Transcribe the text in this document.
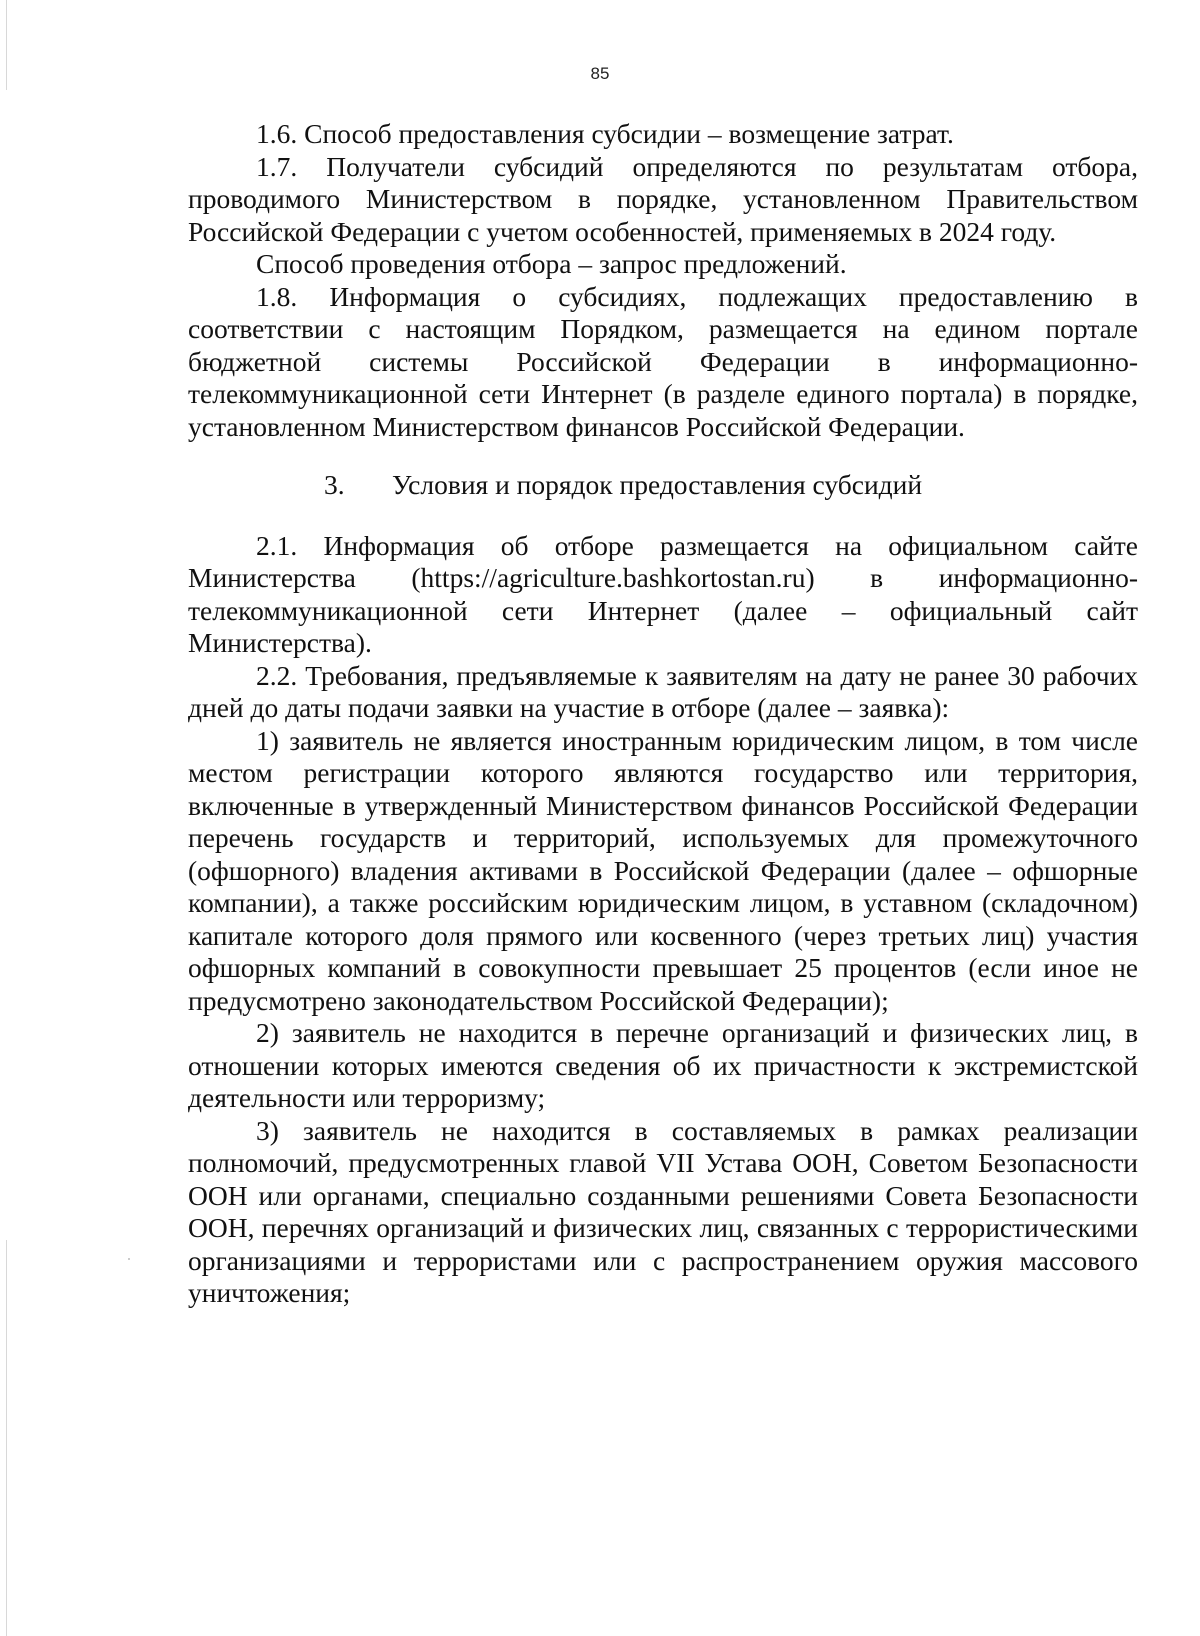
85

1.6. Способ предоставления субсидии – возмещение затрат.

1.7. Получатели субсидий определяются по результатам отбора, проводимого Министерством в порядке, установленном Правительством Российской Федерации с учетом особенностей, применяемых в 2024 году.

Способ проведения отбора – запрос предложений.

1.8. Информация о субсидиях, подлежащих предоставлению в соответствии с настоящим Порядком, размещается на едином портале бюджетной системы Российской Федерации в информационно-телекоммуникационной сети Интернет (в разделе единого портала) в порядке, установленном Министерством финансов Российской Федерации.

3. Условия и порядок предоставления субсидий

2.1. Информация об отборе размещается на официальном сайте Министерства (https://agriculture.bashkortostan.ru) в информационно-телекоммуникационной сети Интернет (далее – официальный сайт Министерства).

2.2. Требования, предъявляемые к заявителям на дату не ранее 30 рабочих дней до даты подачи заявки на участие в отборе (далее – заявка):

1) заявитель не является иностранным юридическим лицом, в том числе местом регистрации которого являются государство или территория, включенные в утвержденный Министерством финансов Российской Федерации перечень государств и территорий, используемых для промежуточного (офшорного) владения активами в Российской Федерации (далее – офшорные компании), а также российским юридическим лицом, в уставном (складочном) капитале которого доля прямого или косвенного (через третьих лиц) участия офшорных компаний в совокупности превышает 25 процентов (если иное не предусмотрено законодательством Российской Федерации);

2) заявитель не находится в перечне организаций и физических лиц, в отношении которых имеются сведения об их причастности к экстремистской деятельности или терроризму;

3) заявитель не находится в составляемых в рамках реализации полномочий, предусмотренных главой VII Устава ООН, Советом Безопасности ООН или органами, специально созданными решениями Совета Безопасности ООН, перечнях организаций и физических лиц, связанных с террористическими организациями и террористами или с распространением оружия массового уничтожения;
